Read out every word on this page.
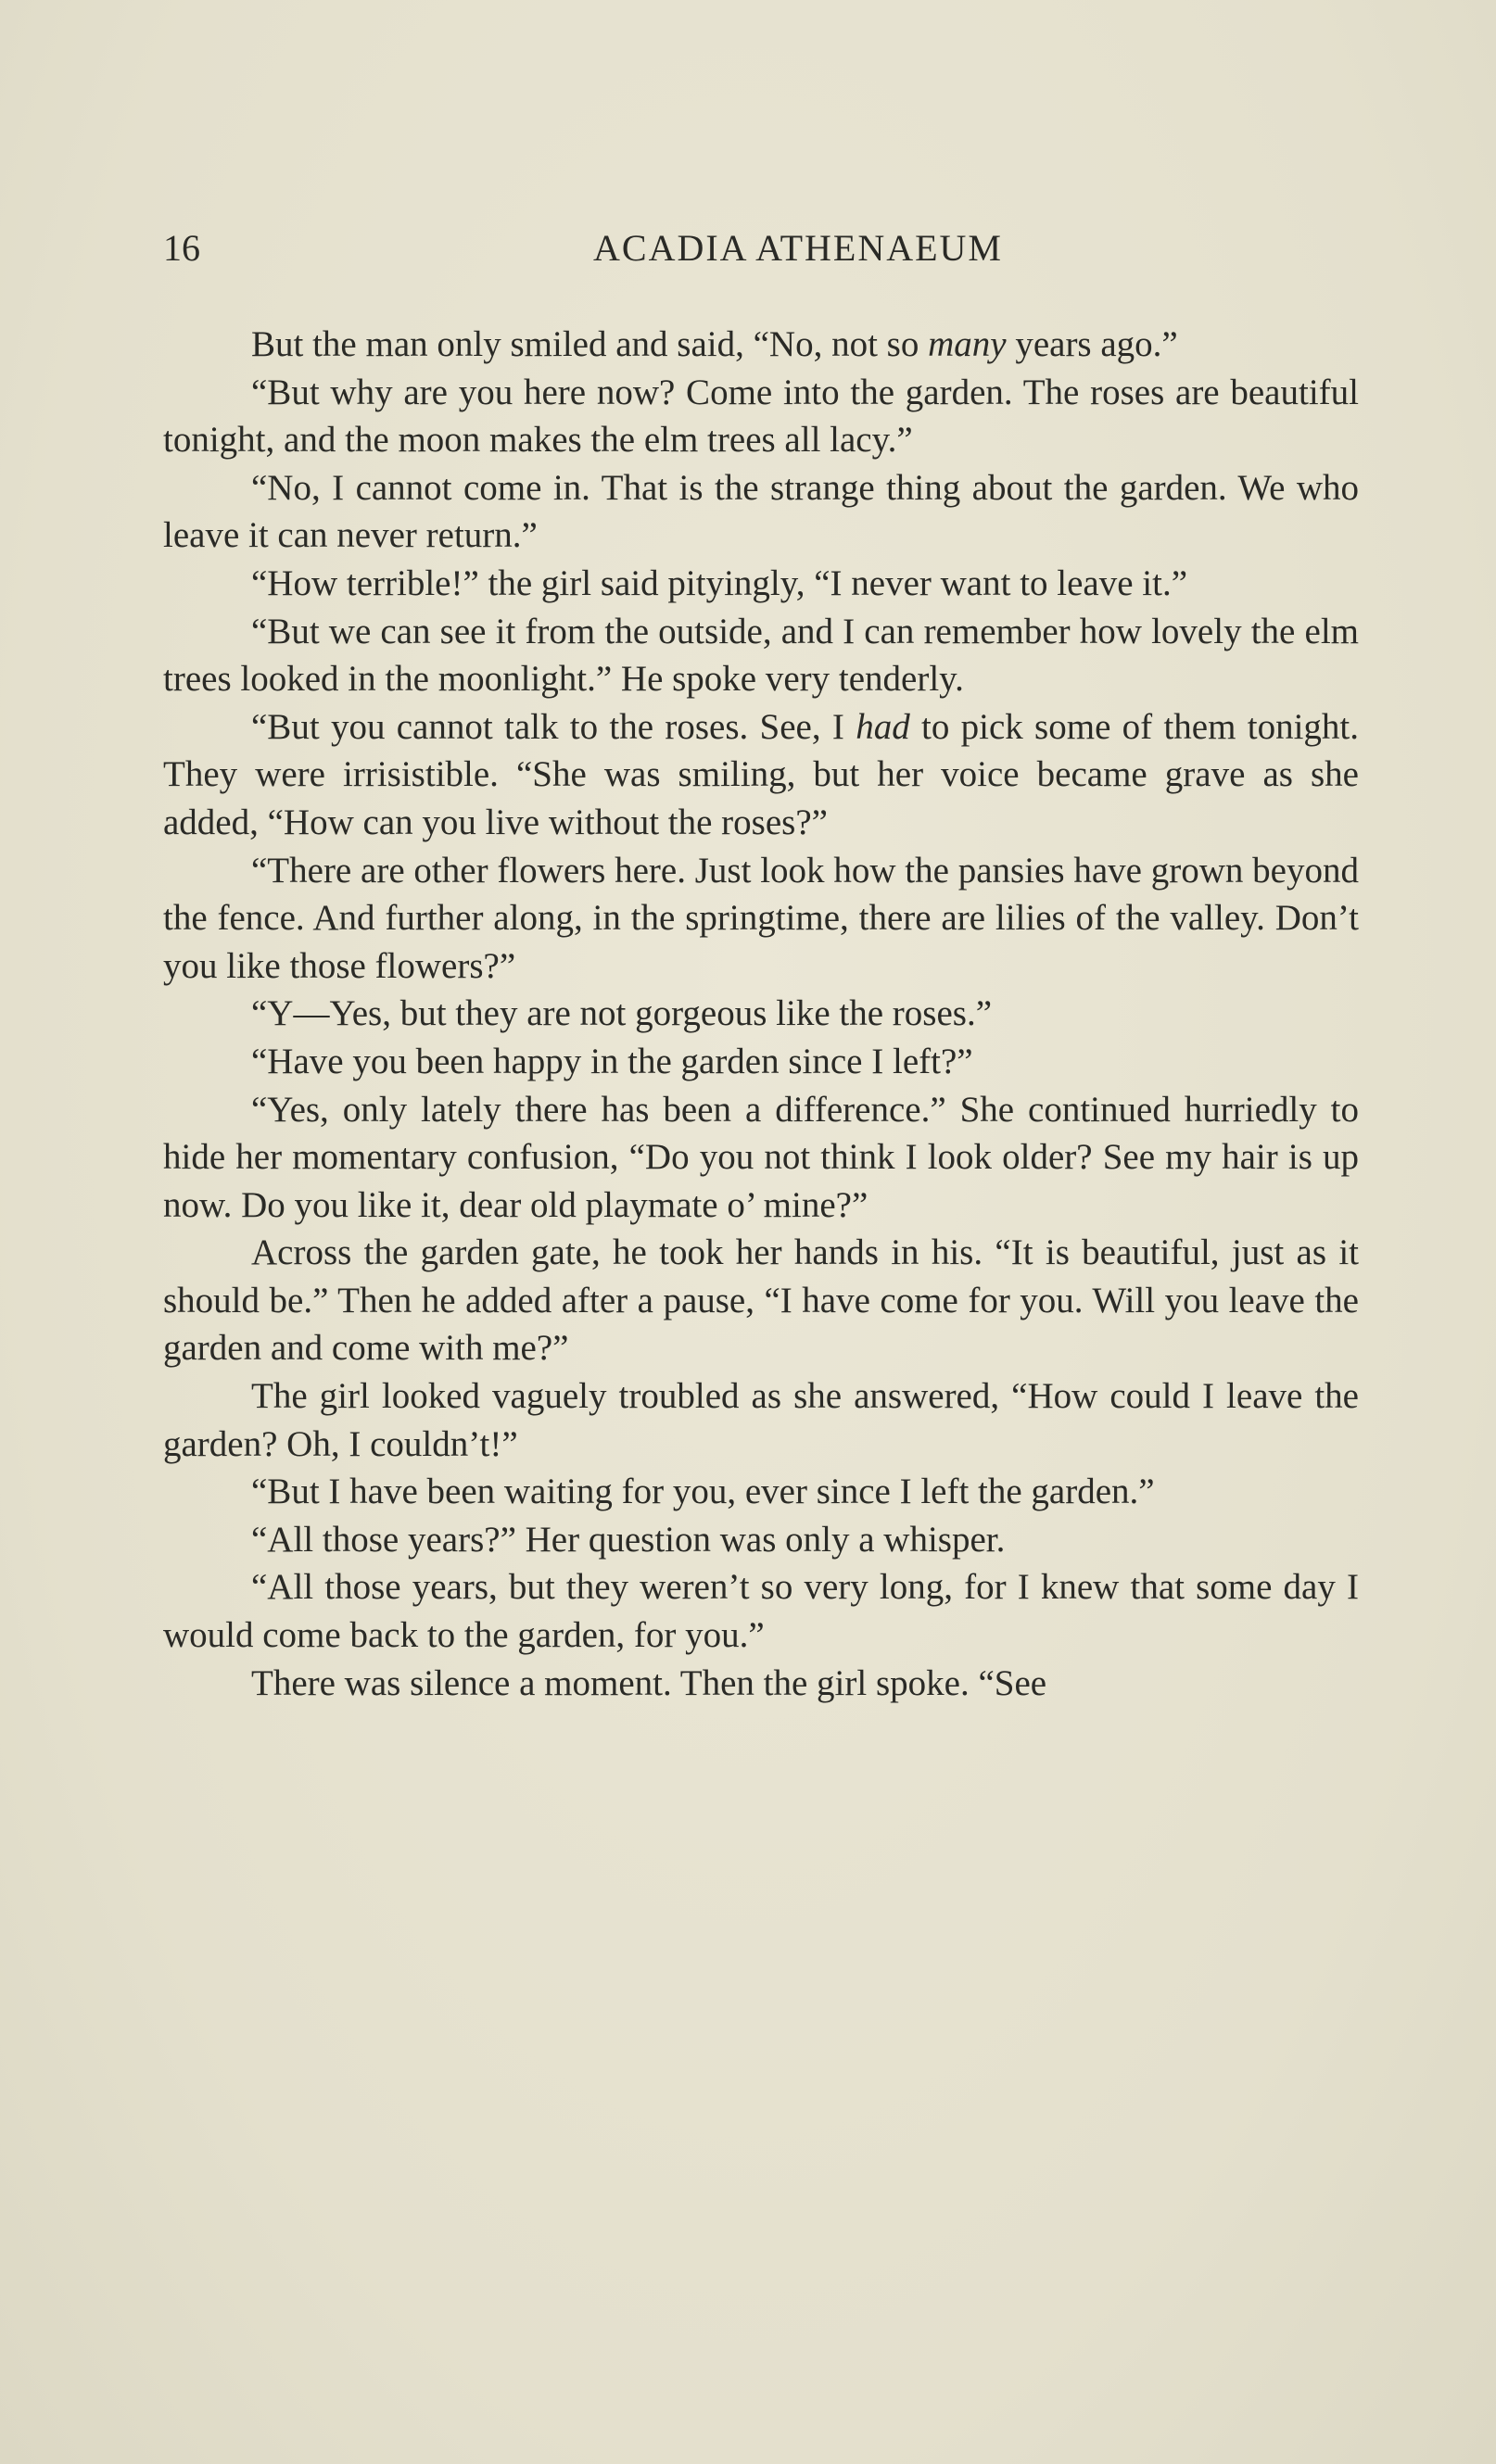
16	ACADIA ATHENAEUM

But the man only smiled and said, “No, not so many years ago.”

“But why are you here now? Come into the garden. The roses are beautiful tonight, and the moon makes the elm trees all lacy.”

“No, I cannot come in. That is the strange thing about the garden. We who leave it can never return.”

“How terrible!” the girl said pityingly, “I never want to leave it.”

“But we can see it from the outside, and I can remember how lovely the elm trees looked in the moonlight.” He spoke very tenderly.

“But you cannot talk to the roses. See, I had to pick some of them tonight. They were irrisistible. “She was smiling, but her voice became grave as she added, “How can you live without the roses?”

“There are other flowers here. Just look how the pansies have grown beyond the fence. And further along, in the springtime, there are lilies of the valley. Don’t you like those flowers?”

“Y—Yes, but they are not gorgeous like the roses.”

“Have you been happy in the garden since I left?”

“Yes, only lately there has been a difference.” She continued hurriedly to hide her momentary confusion, “Do you not think I look older? See my hair is up now. Do you like it, dear old playmate o’ mine?”

Across the garden gate, he took her hands in his. “It is beautiful, just as it should be.” Then he added after a pause, “I have come for you. Will you leave the garden and come with me?”

The girl looked vaguely troubled as she answered, “How could I leave the garden? Oh, I couldn’t!”

“But I have been waiting for you, ever since I left the garden.”

“All those years?” Her question was only a whisper.

“All those years, but they weren’t so very long, for I knew that some day I would come back to the garden, for you.”

There was silence a moment. Then the girl spoke. “See
